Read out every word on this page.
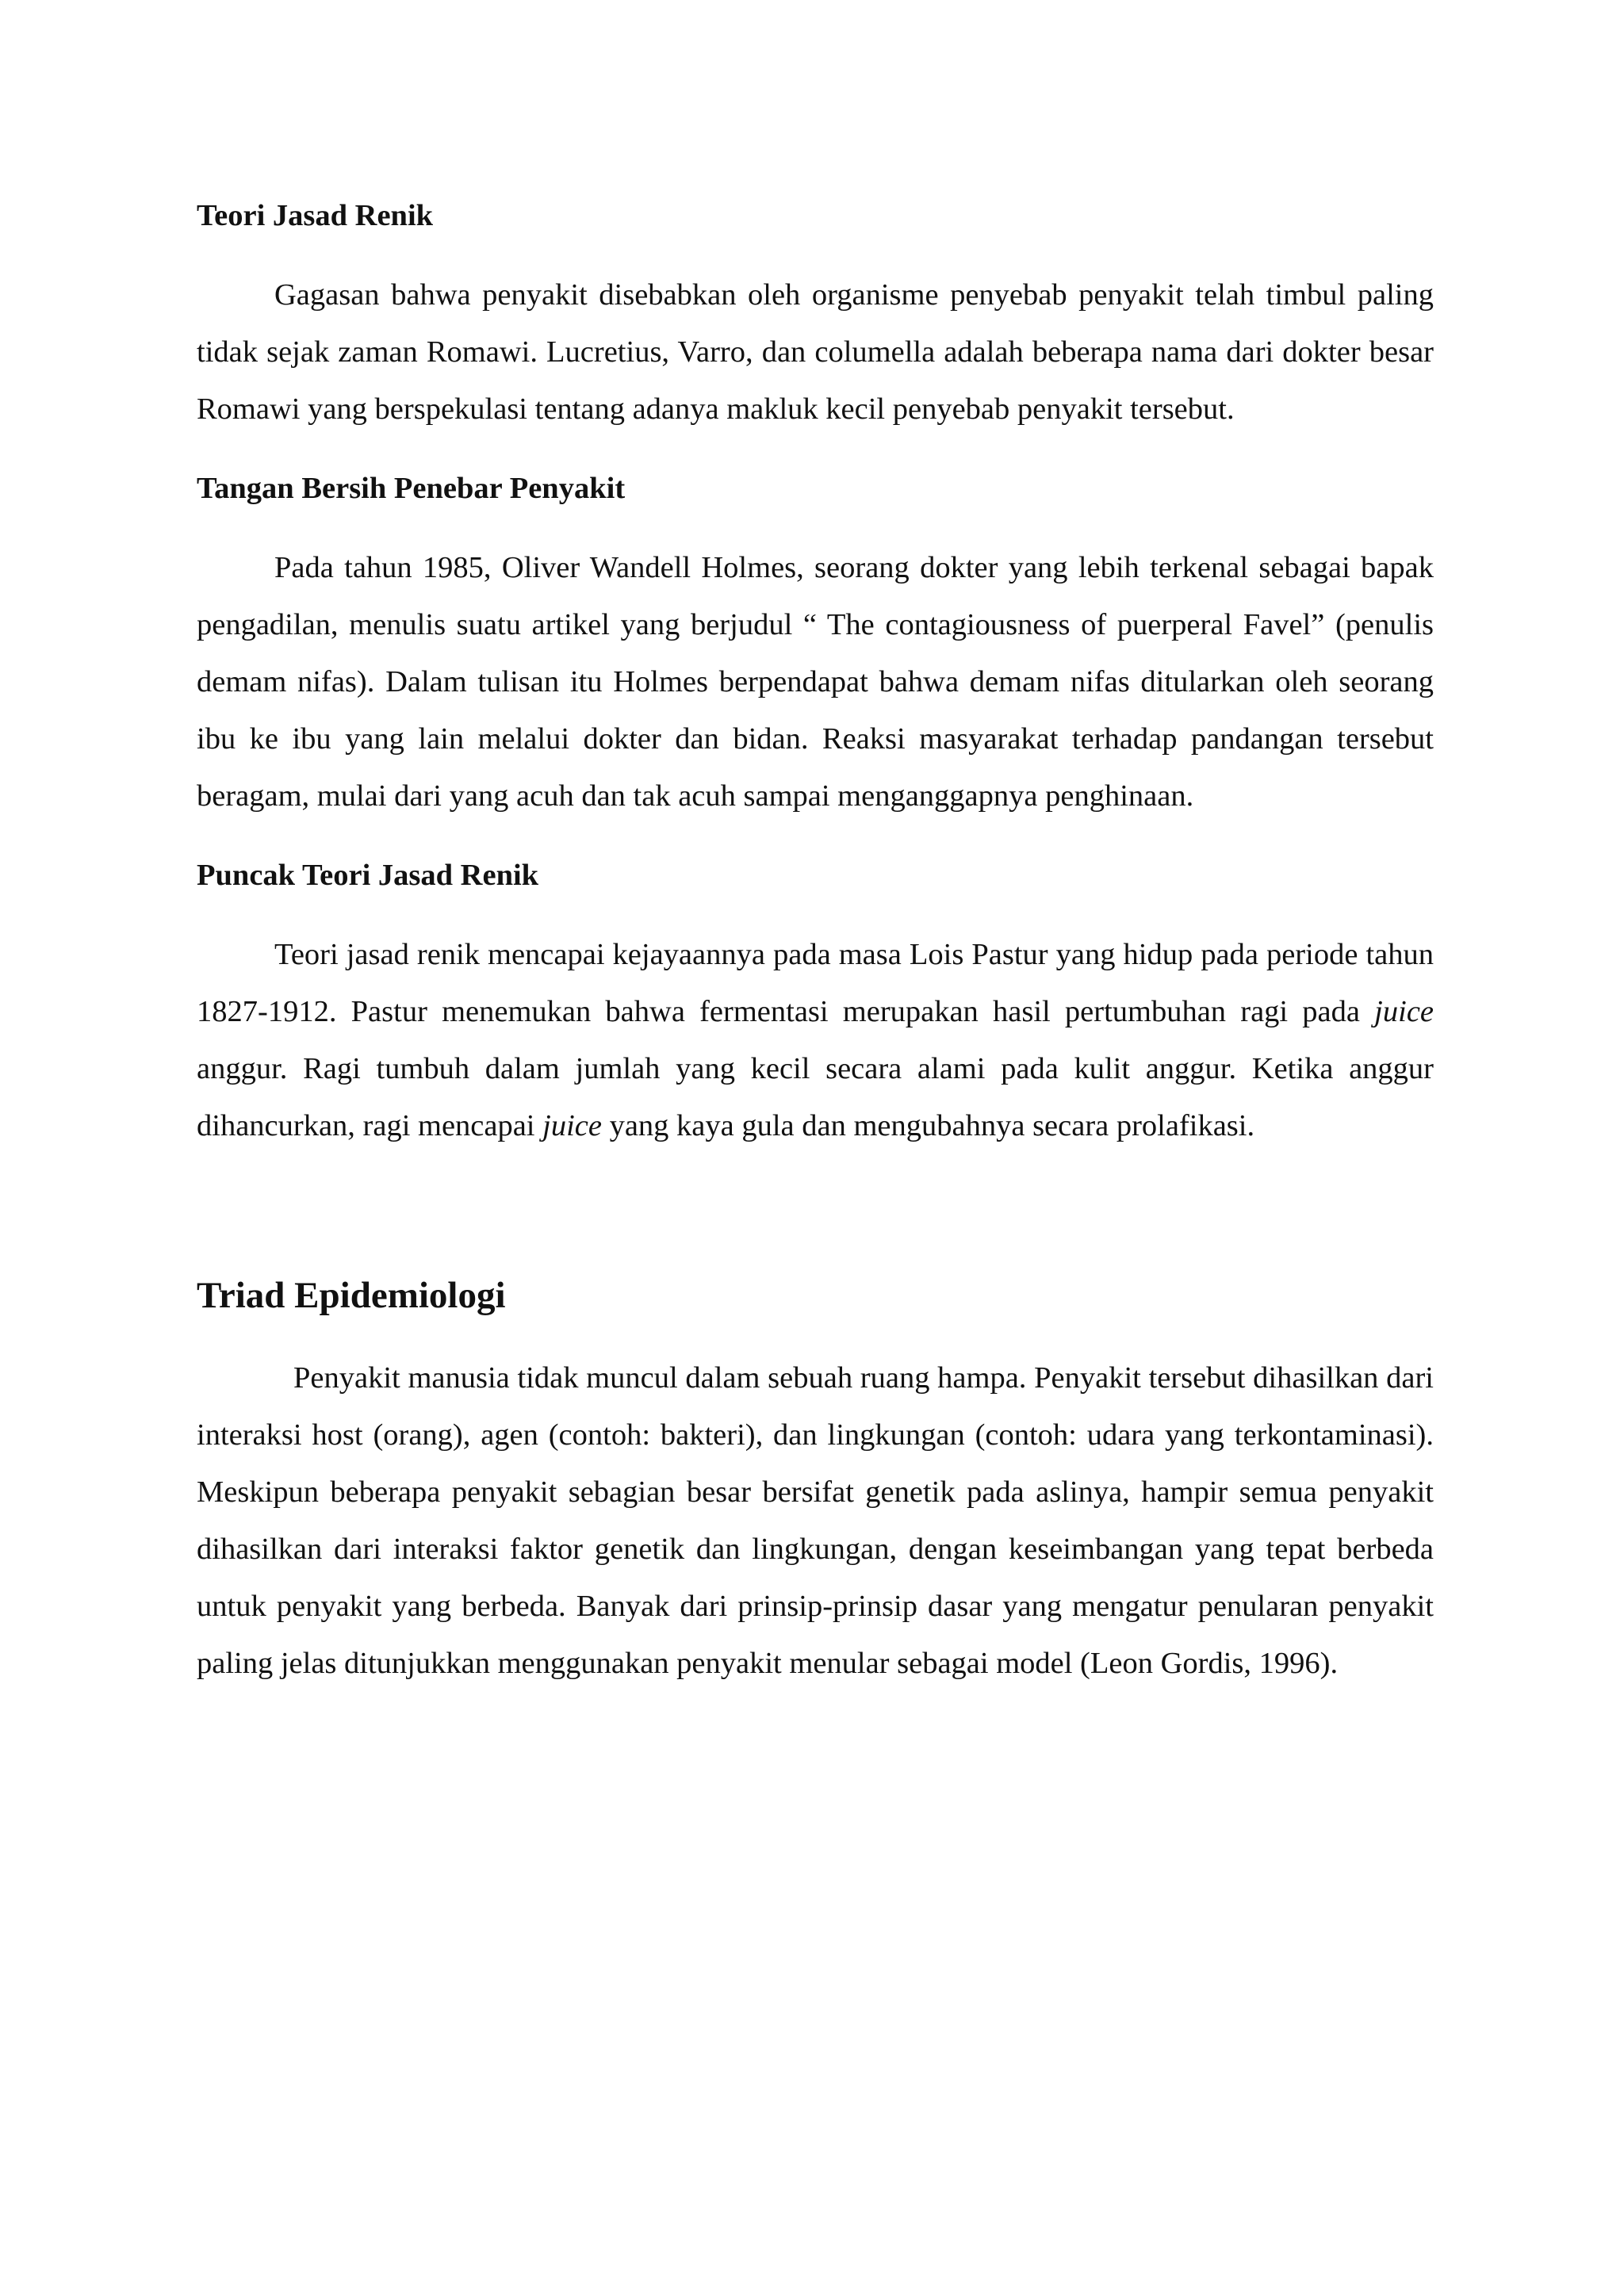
Teori Jasad Renik

Gagasan bahwa penyakit disebabkan oleh organisme penyebab penyakit telah timbul paling tidak sejak zaman Romawi. Lucretius, Varro, dan columella adalah beberapa nama dari dokter besar Romawi yang berspekulasi tentang adanya makluk kecil penyebab penyakit tersebut.

Tangan Bersih Penebar Penyakit

Pada tahun 1985, Oliver Wandell Holmes, seorang dokter yang lebih terkenal sebagai bapak pengadilan, menulis suatu artikel yang berjudul “ The contagiousness of puerperal Favel” (penulis demam nifas). Dalam tulisan itu Holmes berpendapat bahwa demam nifas ditularkan oleh seorang ibu ke ibu yang lain melalui dokter dan bidan. Reaksi masyarakat terhadap pandangan tersebut beragam, mulai dari yang acuh dan tak acuh sampai menganggapnya penghinaan.

Puncak Teori Jasad Renik

Teori jasad renik mencapai kejayaannya pada masa Lois Pastur yang hidup pada periode tahun 1827-1912. Pastur menemukan bahwa fermentasi merupakan hasil pertumbuhan ragi pada juice anggur. Ragi tumbuh dalam jumlah yang kecil secara alami pada kulit anggur. Ketika anggur dihancurkan, ragi mencapai juice yang kaya gula dan mengubahnya secara prolafikasi.

Triad Epidemiologi

Penyakit manusia tidak muncul dalam sebuah ruang hampa. Penyakit tersebut dihasilkan dari interaksi host (orang), agen (contoh: bakteri), dan lingkungan (contoh: udara yang terkontaminasi). Meskipun beberapa penyakit sebagian besar bersifat genetik pada aslinya, hampir semua penyakit dihasilkan dari interaksi faktor genetik dan lingkungan, dengan keseimbangan yang tepat berbeda untuk penyakit yang berbeda. Banyak dari prinsip-prinsip dasar yang mengatur penularan penyakit paling jelas ditunjukkan menggunakan penyakit menular sebagai model (Leon Gordis, 1996).
